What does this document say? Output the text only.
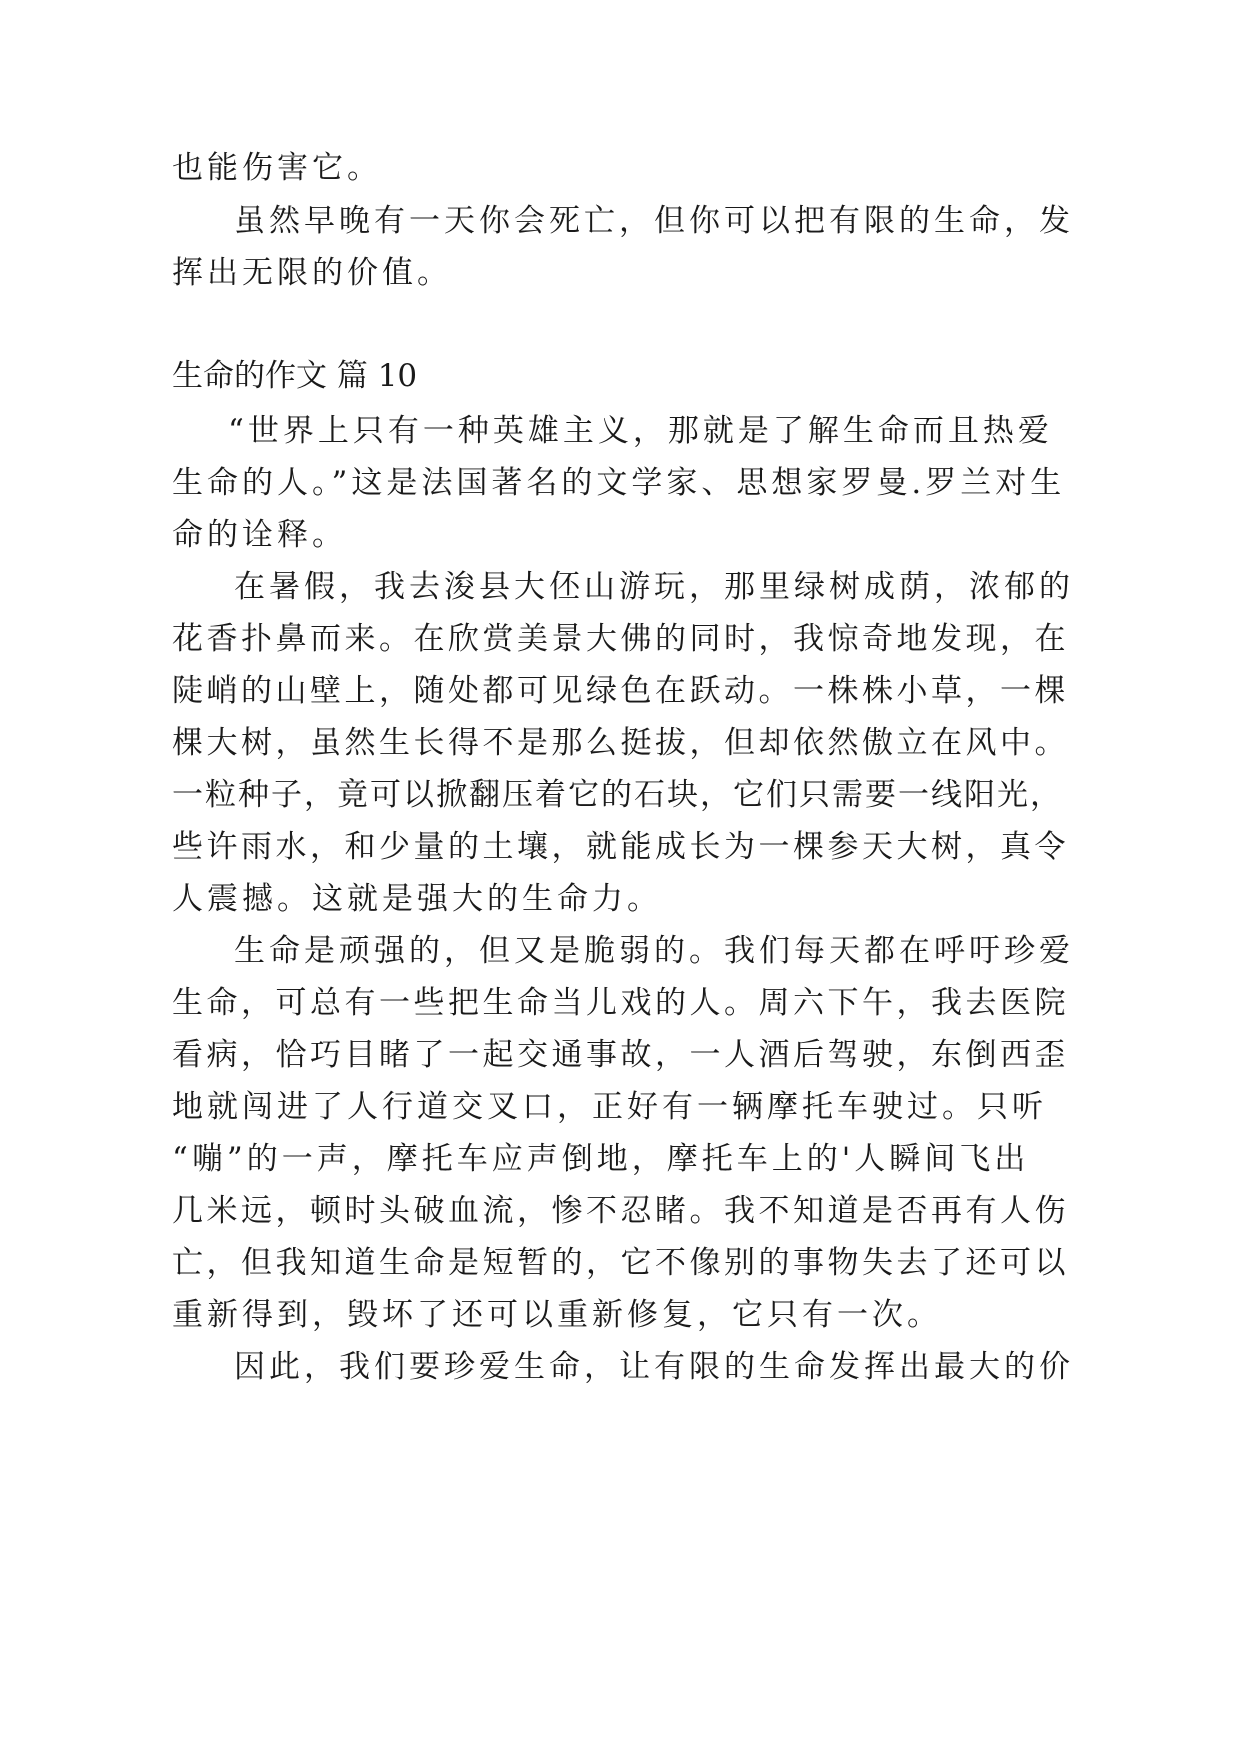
也能伤害它。
虽然早晚有一天你会死亡，但你可以把有限的生命，发
挥出无限的价值。
生命的作文 篇 10
“世界上只有一种英雄主义，那就是了解生命而且热爱
生命的人。”这是法国著名的文学家、思想家罗曼.罗兰对生
命的诠释。
在暑假，我去浚县大伾山游玩，那里绿树成荫，浓郁的
花香扑鼻而来。在欣赏美景大佛的同时，我惊奇地发现，在
陡峭的山壁上，随处都可见绿色在跃动。一株株小草，一棵
棵大树，虽然生长得不是那么挺拔，但却依然傲立在风中。
一粒种子，竟可以掀翻压着它的石块，它们只需要一线阳光，
些许雨水，和少量的土壤，就能成长为一棵参天大树，真令
人震撼。这就是强大的生命力。
生命是顽强的，但又是脆弱的。我们每天都在呼吁珍爱
生命，可总有一些把生命当儿戏的人。周六下午，我去医院
看病，恰巧目睹了一起交通事故，一人酒后驾驶，东倒西歪
地就闯进了人行道交叉口，正好有一辆摩托车驶过。只听
“嘣”的一声，摩托车应声倒地，摩托车上的'人瞬间飞出
几米远，顿时头破血流，惨不忍睹。我不知道是否再有人伤
亡，但我知道生命是短暂的，它不像别的事物失去了还可以
重新得到，毁坏了还可以重新修复，它只有一次。
因此，我们要珍爱生命，让有限的生命发挥出最大的价
